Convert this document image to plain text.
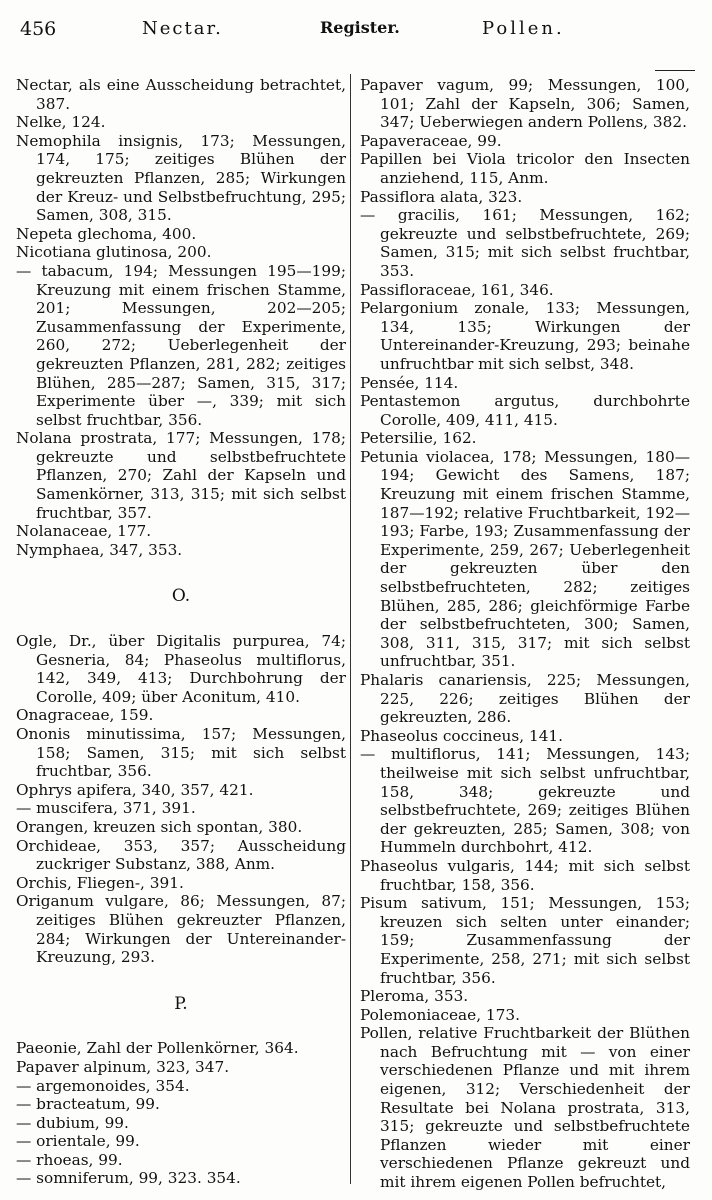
456	Nectar.	Register.	Pollen.

Nectar, als eine Ausscheidung betrachtet, 387.

Nelke, 124.

Nemophila insignis, 173; Messungen, 174, 175; zeitiges Blühen der gekreuzten Pflanzen, 285; Wirkungen der Kreuz- und Selbstbefruchtung, 295; Samen, 308, 315.

Nepeta glechoma, 400.

Nicotiana glutinosa, 200.

— tabacum, 194; Messungen 195—199; Kreuzung mit einem frischen Stamme, 201; Messungen, 202—205; Zusammenfassung der Experimente, 260, 272; Ueberlegenheit der gekreuzten Pflanzen, 281, 282; zeitiges Blühen, 285—287; Samen, 315, 317; Experimente über —, 339; mit sich selbst fruchtbar, 356.

Nolana prostrata, 177; Messungen, 178; gekreuzte und selbstbefruchtete Pflanzen, 270; Zahl der Kapseln und Samenkörner, 313, 315; mit sich selbst fruchtbar, 357.

Nolanaceae, 177.

Nymphaea, 347, 353.

O.

Ogle, Dr., über Digitalis purpurea, 74; Gesneria, 84; Phaseolus multiflorus, 142, 349, 413; Durchbohrung der Corolle, 409; über Aconitum, 410.

Onagraceae, 159.

Ononis minutissima, 157; Messungen, 158; Samen, 315; mit sich selbst fruchtbar, 356.

Ophrys apifera, 340, 357, 421.

— muscifera, 371, 391.

Orangen, kreuzen sich spontan, 380.

Orchideae, 353, 357; Ausscheidung zuckriger Substanz, 388, Anm.

Orchis, Fliegen-, 391.

Origanum vulgare, 86; Messungen, 87; zeitiges Blühen gekreuzter Pflanzen, 284; Wirkungen der Untereinander-Kreuzung, 293.

P.

Paeonie, Zahl der Pollenkörner, 364.

Papaver alpinum, 323, 347.

— argemonoides, 354.

— bracteatum, 99.

— dubium, 99.

— orientale, 99.

— rhoeas, 99.

— somniferum, 99, 323. 354.

Papaver vagum, 99; Messungen, 100, 101; Zahl der Kapseln, 306; Samen, 347; Ueberwiegen andern Pollens, 382.

Papaveraceae, 99.

Papillen bei Viola tricolor den Insecten anziehend, 115, Anm.

Passiflora alata, 323.

— gracilis, 161; Messungen, 162; gekreuzte und selbstbefruchtete, 269; Samen, 315; mit sich selbst fruchtbar, 353.

Passifloraceae, 161, 346.

Pelargonium zonale, 133; Messungen, 134, 135; Wirkungen der Untereinander-Kreuzung, 293; beinahe unfruchtbar mit sich selbst, 348.

Pensée, 114.

Pentastemon argutus, durchbohrte Corolle, 409, 411, 415.

Petersilie, 162.

Petunia violacea, 178; Messungen, 180—194; Gewicht des Samens, 187; Kreuzung mit einem frischen Stamme, 187—192; relative Fruchtbarkeit, 192—193; Farbe, 193; Zusammenfassung der Experimente, 259, 267; Ueberlegenheit der gekreuzten über den selbstbefruchteten, 282; zeitiges Blühen, 285, 286; gleichförmige Farbe der selbstbefruchteten, 300; Samen, 308, 311, 315, 317; mit sich selbst unfruchtbar, 351.

Phalaris canariensis, 225; Messungen, 225, 226; zeitiges Blühen der gekreuzten, 286.

Phaseolus coccineus, 141.

— multiflorus, 141; Messungen, 143; theilweise mit sich selbst unfruchtbar, 158, 348; gekreuzte und selbstbefruchtete, 269; zeitiges Blühen der gekreuzten, 285; Samen, 308; von Hummeln durchbohrt, 412.

Phaseolus vulgaris, 144; mit sich selbst fruchtbar, 158, 356.

Pisum sativum, 151; Messungen, 153; kreuzen sich selten unter einander; 159; Zusammenfassung der Experimente, 258, 271; mit sich selbst fruchtbar, 356.

Pleroma, 353.

Polemoniaceae, 173.

Pollen, relative Fruchtbarkeit der Blüthen nach Befruchtung mit — von einer verschiedenen Pflanze und mit ihrem eigenen, 312; Verschiedenheit der Resultate bei Nolana prostrata, 313, 315; gekreuzte und selbstbefruchtete Pflanzen wieder mit einer verschiedenen Pflanze gekreuzt und mit ihrem eigenen Pollen befruchtet,
